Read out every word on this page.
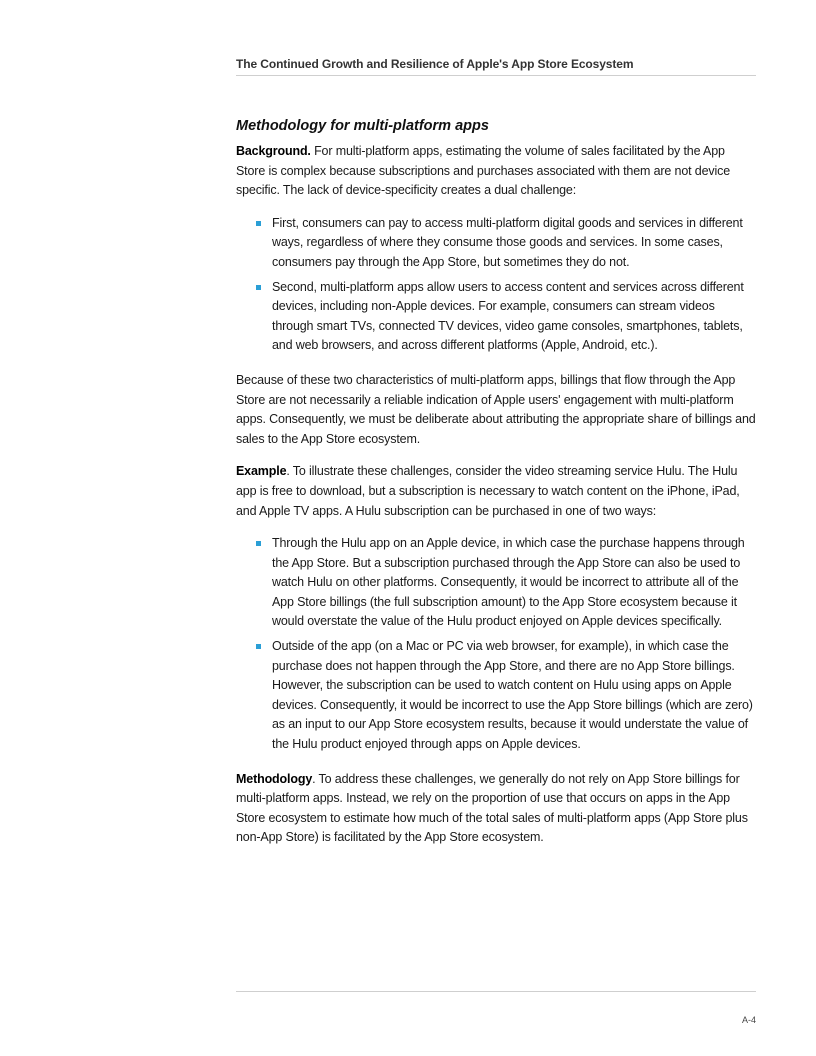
The Continued Growth and Resilience of Apple's App Store Ecosystem
Methodology for multi-platform apps

Background. For multi-platform apps, estimating the volume of sales facilitated by the App Store is complex because subscriptions and purchases associated with them are not device specific. The lack of device-specificity creates a dual challenge:

First, consumers can pay to access multi-platform digital goods and services in different ways, regardless of where they consume those goods and services. In some cases, consumers pay through the App Store, but sometimes they do not.
Second, multi-platform apps allow users to access content and services across different devices, including non-Apple devices. For example, consumers can stream videos through smart TVs, connected TV devices, video game consoles, smartphones, tablets, and web browsers, and across different platforms (Apple, Android, etc.).

Because of these two characteristics of multi-platform apps, billings that flow through the App Store are not necessarily a reliable indication of Apple users' engagement with multi-platform apps. Consequently, we must be deliberate about attributing the appropriate share of billings and sales to the App Store ecosystem.

Example. To illustrate these challenges, consider the video streaming service Hulu. The Hulu app is free to download, but a subscription is necessary to watch content on the iPhone, iPad, and Apple TV apps. A Hulu subscription can be purchased in one of two ways:

Through the Hulu app on an Apple device, in which case the purchase happens through the App Store. But a subscription purchased through the App Store can also be used to watch Hulu on other platforms. Consequently, it would be incorrect to attribute all of the App Store billings (the full subscription amount) to the App Store ecosystem because it would overstate the value of the Hulu product enjoyed on Apple devices specifically.
Outside of the app (on a Mac or PC via web browser, for example), in which case the purchase does not happen through the App Store, and there are no App Store billings. However, the subscription can be used to watch content on Hulu using apps on Apple devices. Consequently, it would be incorrect to use the App Store billings (which are zero) as an input to our App Store ecosystem results, because it would understate the value of the Hulu product enjoyed through apps on Apple devices.

Methodology. To address these challenges, we generally do not rely on App Store billings for multi-platform apps. Instead, we rely on the proportion of use that occurs on apps in the App Store ecosystem to estimate how much of the total sales of multi-platform apps (App Store plus non-App Store) is facilitated by the App Store ecosystem.

A-4
